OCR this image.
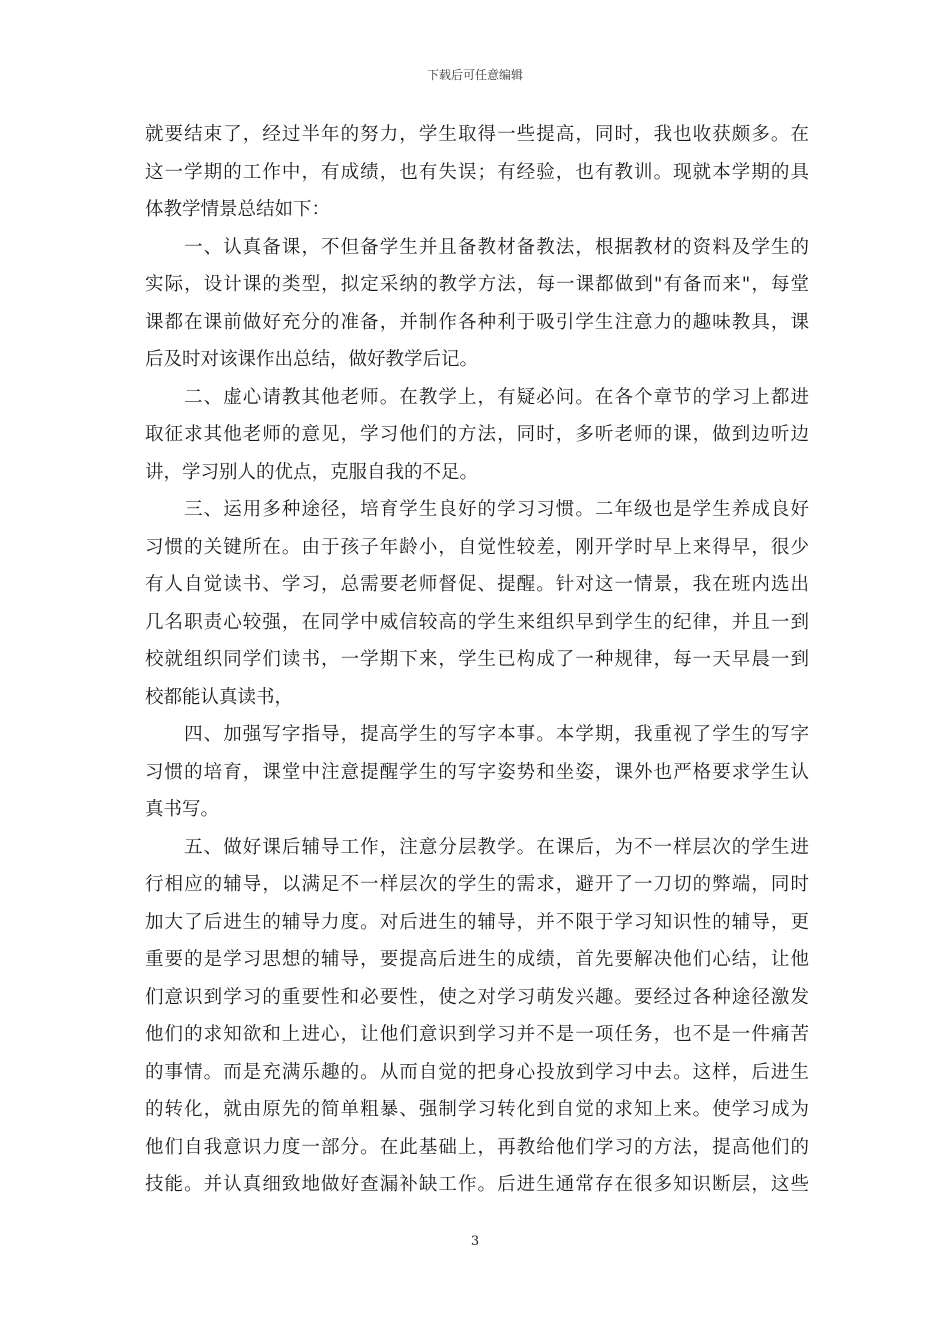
下载后可任意编辑
就要结束了，经过半年的努力，学生取得一些提高，同时，我也收获颇多。在
这一学期的工作中，有成绩，也有失误；有经验，也有教训。现就本学期的具
体教学情景总结如下：
　　一、认真备课，不但备学生并且备教材备教法，根据教材的资料及学生的
实际，设计课的类型，拟定采纳的教学方法，每一课都做到"有备而来"，每堂
课都在课前做好充分的准备，并制作各种利于吸引学生注意力的趣味教具，课
后及时对该课作出总结，做好教学后记。
　　二、虚心请教其他老师。在教学上，有疑必问。在各个章节的学习上都进
取征求其他老师的意见，学习他们的方法，同时，多听老师的课，做到边听边
讲，学习别人的优点，克服自我的不足。
　　三、运用多种途径，培育学生良好的学习习惯。二年级也是学生养成良好
习惯的关键所在。由于孩子年龄小，自觉性较差，刚开学时早上来得早，很少
有人自觉读书、学习，总需要老师督促、提醒。针对这一情景，我在班内选出
几名职责心较强，在同学中威信较高的学生来组织早到学生的纪律，并且一到
校就组织同学们读书，一学期下来，学生已构成了一种规律，每一天早晨一到
校都能认真读书，
　　四、加强写字指导，提高学生的写字本事。本学期，我重视了学生的写字
习惯的培育，课堂中注意提醒学生的写字姿势和坐姿，课外也严格要求学生认
真书写。
　　五、做好课后辅导工作，注意分层教学。在课后，为不一样层次的学生进
行相应的辅导，以满足不一样层次的学生的需求，避开了一刀切的弊端，同时
加大了后进生的辅导力度。对后进生的辅导，并不限于学习知识性的辅导，更
重要的是学习思想的辅导，要提高后进生的成绩，首先要解决他们心结，让他
们意识到学习的重要性和必要性，使之对学习萌发兴趣。要经过各种途径激发
他们的求知欲和上进心，让他们意识到学习并不是一项任务，也不是一件痛苦
的事情。而是充满乐趣的。从而自觉的把身心投放到学习中去。这样，后进生
的转化，就由原先的简单粗暴、强制学习转化到自觉的求知上来。使学习成为
他们自我意识力度一部分。在此基础上，再教给他们学习的方法，提高他们的
技能。并认真细致地做好查漏补缺工作。后进生通常存在很多知识断层，这些
3
